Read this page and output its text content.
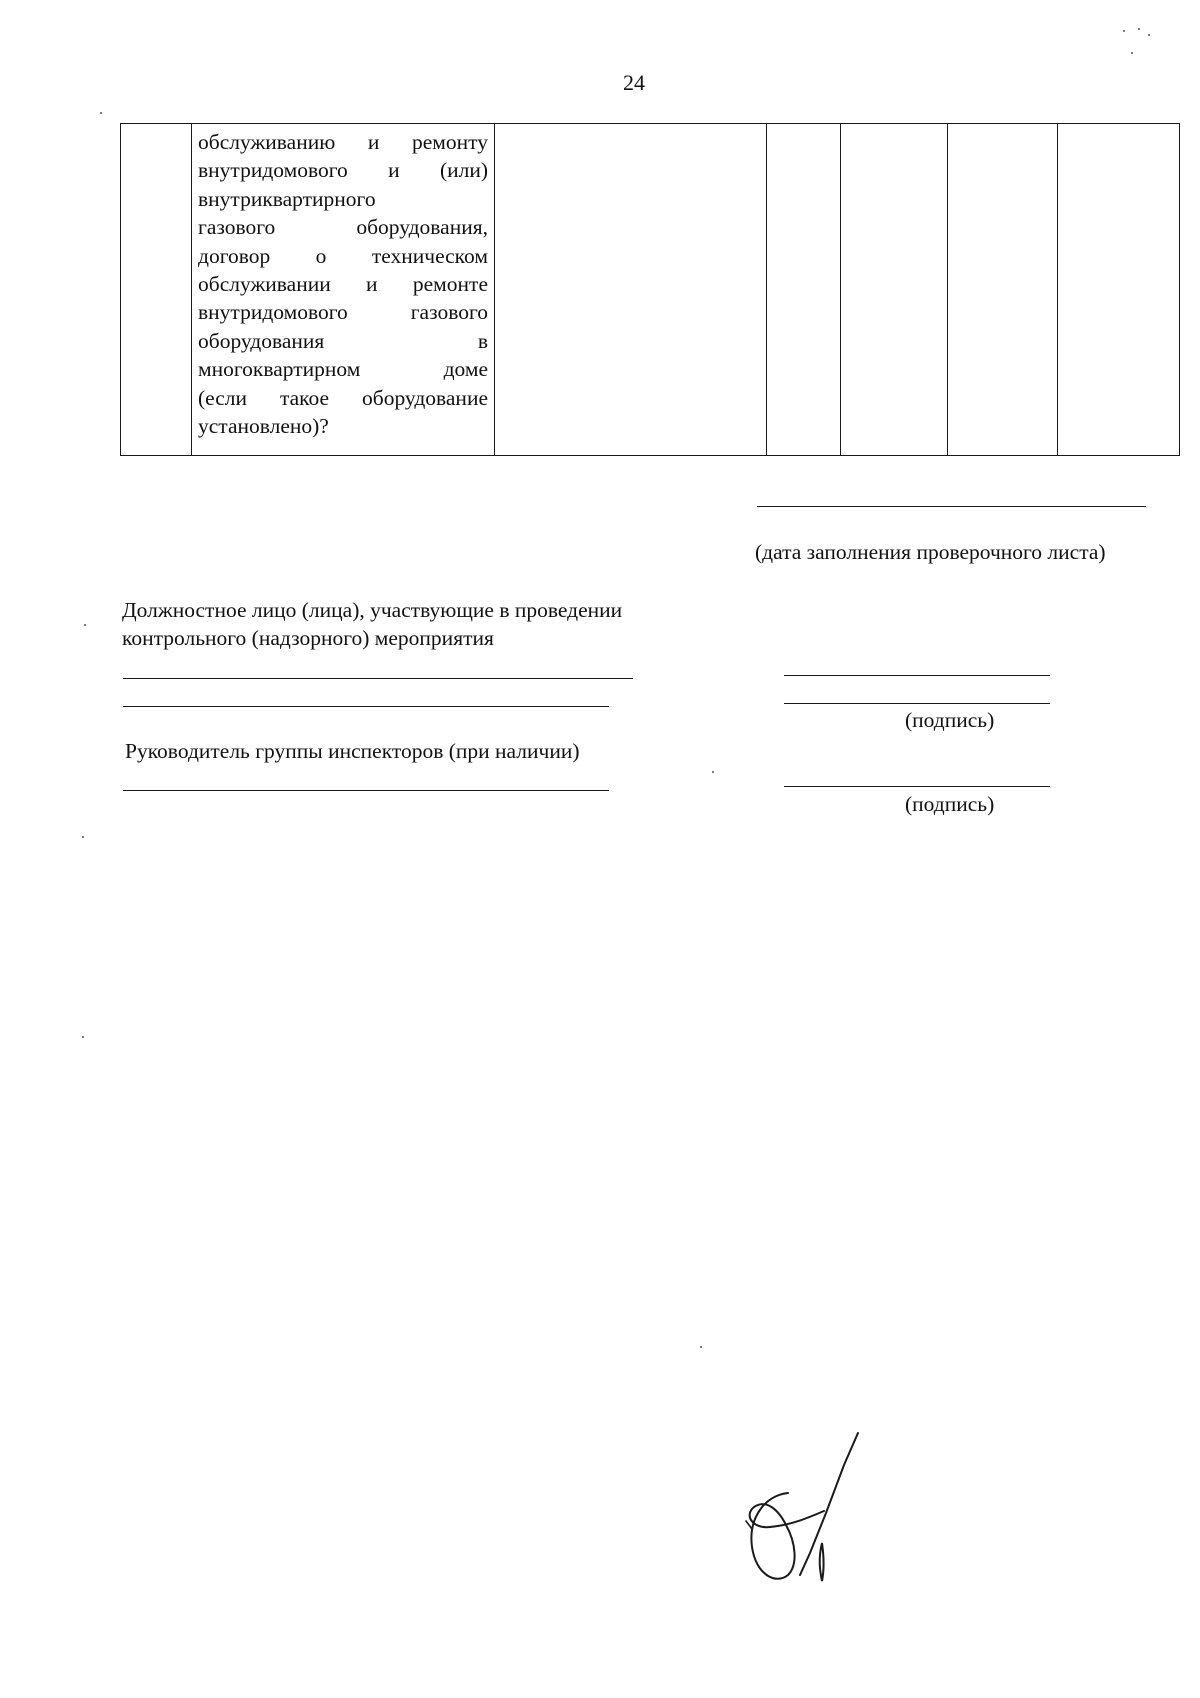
24

обслуживанию и ремонту
внутридомового и (или)
внутриквартирного
газового оборудования,
договор о техническом
обслуживании и ремонте
внутридомового газового
оборудования в
многоквартирном доме
(если такое оборудование
установлено)?

(дата заполнения проверочного листа)
Должностное лицо (лица), участвующие в проведении
контрольного (надзорного) мероприятия
(подпись)
Руководитель группы инспекторов (при наличии)
(подпись)
